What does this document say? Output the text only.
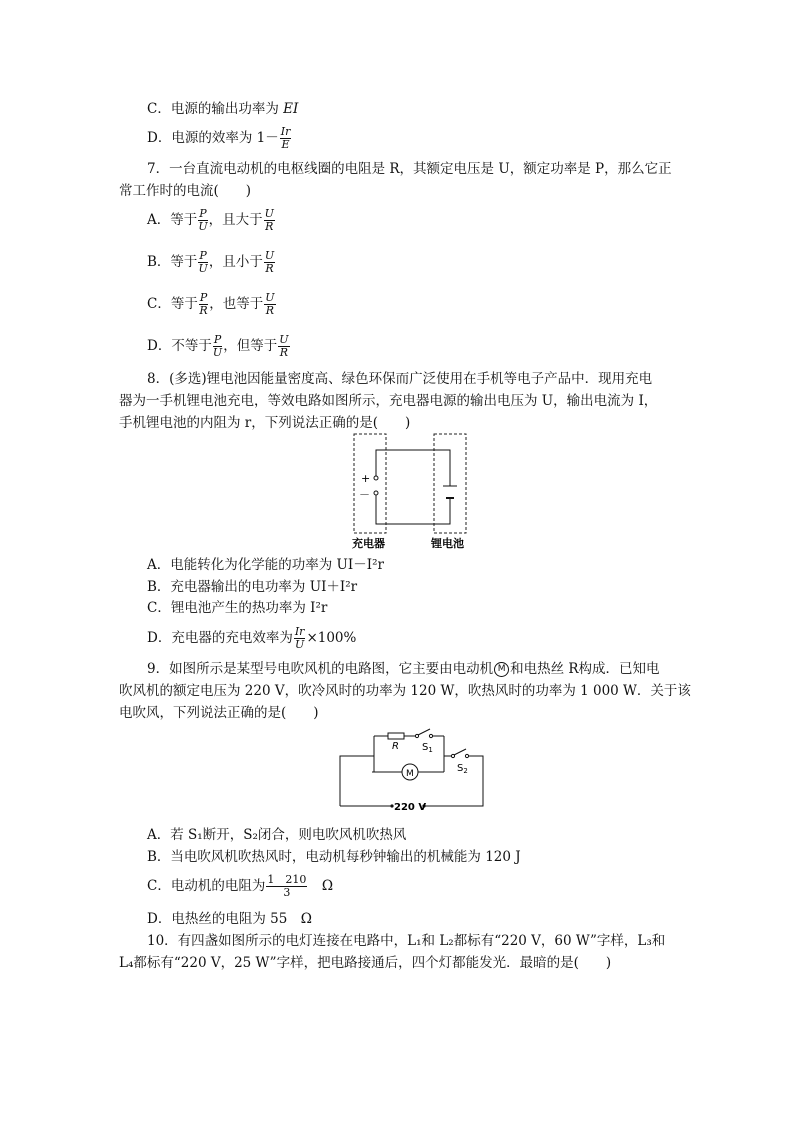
C．电源的输出功率为 EI
D．电源的效率为 $1- \frac{Ir}{E}$
7．一台直流电动机的电枢线圈的电阻是 R，其额定电压是 U，额定功率是 P，那么它正
常工作时的电流(　　)
A．等于 $\frac{P}{U}$ ，且大于 $\frac{U}{R}$
B．等于 $\frac{P}{U}$ ，且小于 $\frac{U}{R}$
C．等于 $\frac{P}{R}$ ，也等于 $\frac{U}{R}$
D．不等于 $\frac{P}{U}$ ，但等于 $\frac{U}{R}$
8．(多选)锂电池因能量密度高、绿色环保而广泛使用在手机等电子产品中．现用充电
器为一手机锂电池充电，等效电路如图所示，充电器电源的输出电压为 U，输出电流为 I，
手机锂电池的内阻为 r，下列说法正确的是(　　)
+
－
充电器	锂电池
A．电能转化为化学能的功率为 UI－I²r
B．充电器输出的电功率为 UI＋I²r
C．锂电池产生的热功率为 I²r
D．充电器的充电效率为 $\frac{Ir}{U} \times 100\%$
9．如图所示是某型号电吹风机的电路图，它主要由电动机 M 和电热丝 R构成．已知电
吹风机的额定电压为 220 V，吹冷风时的功率为 120 W，吹热风时的功率为 1 000 W．关于该
电吹风，下列说法正确的是(　　)
R $S_1$
$S_2$
M
220 V
A．若 S₁断开，S₂闭合，则电吹风机吹热风
B．当电吹风机吹热风时，电动机每秒钟输出的机械能为 120 J
C．电动机的电阻为 $\frac{1 210}{3}$ 　Ω
D．电热丝的电阻为 55　Ω
10．有四盏如图所示的电灯连接在电路中，L₁和 L₂都标有“220 V，60 W”字样，L₃和
L₄都标有“220 V，25 W”字样，把电路接通后，四个灯都能发光．最暗的是(　　)
